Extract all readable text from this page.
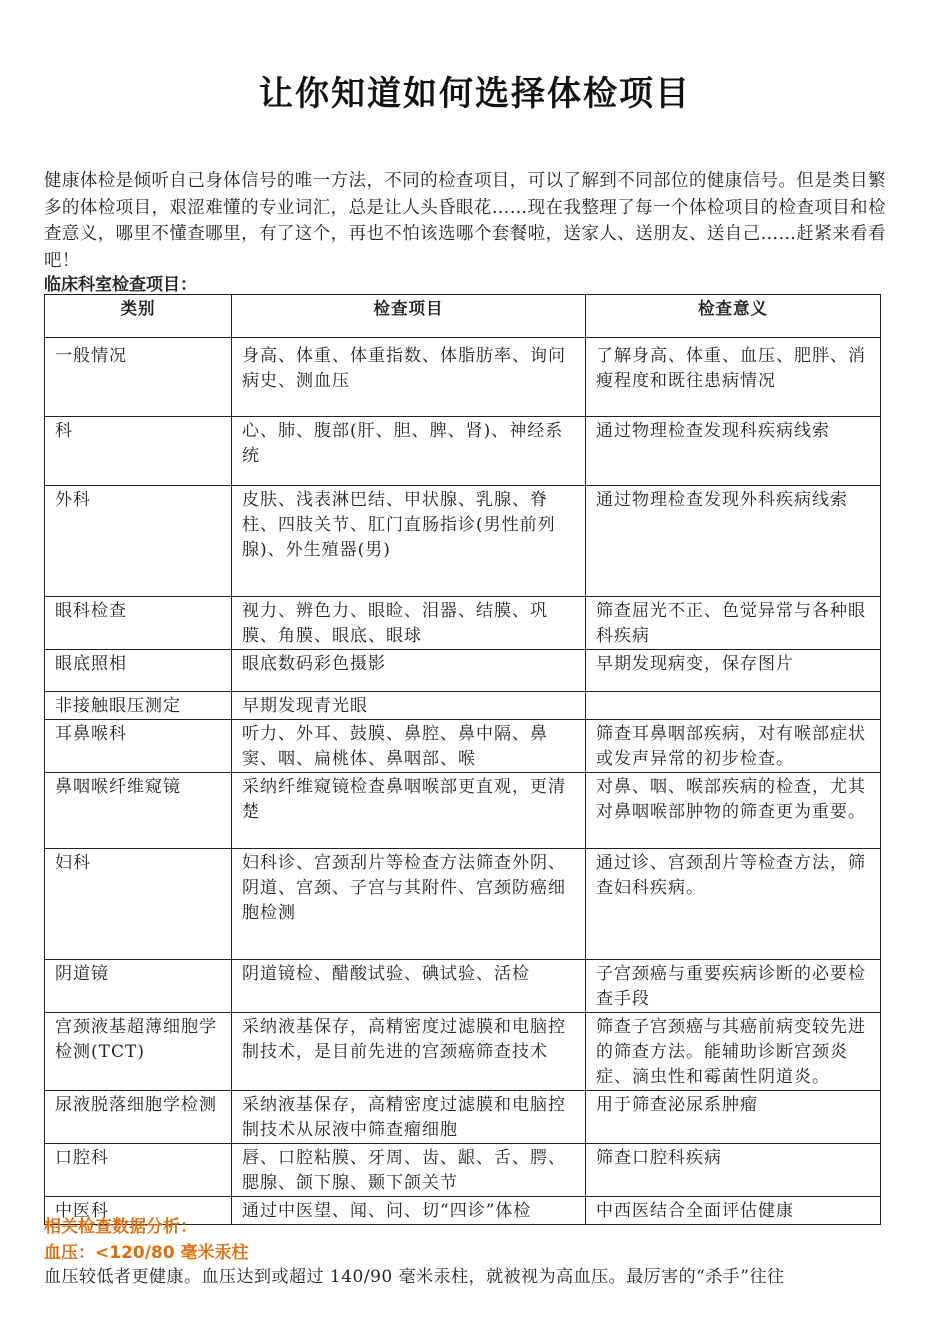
让你知道如何选择体检项目
健康体检是倾听自己身体信号的唯一方法，不同的检查项目，可以了解到不同部位的健康信号。但是类目繁多的体检项目，艰涩难懂的专业词汇，总是让人头昏眼花……现在我整理了每一个体检项目的检查项目和检查意义，哪里不懂查哪里，有了这个，再也不怕该选哪个套餐啦，送家人、送朋友、送自己……赶紧来看看吧！
临床科室检查项目：
类别	检查项目	检查意义
一般情况	身高、体重、体重指数、体脂肪率、询问病史、测血压	了解身高、体重、血压、肥胖、消瘦程度和既往患病情况
科	心、肺、腹部(肝、胆、脾、肾)、神经系统	通过物理检查发现科疾病线索
外科	皮肤、浅表淋巴结、甲状腺、乳腺、脊柱、四肢关节、肛门直肠指诊(男性前列腺)、外生殖器(男)	通过物理检查发现外科疾病线索
眼科检查	视力、辨色力、眼睑、泪器、结膜、巩膜、角膜、眼底、眼球	筛查屈光不正、色觉异常与各种眼科疾病
眼底照相	眼底数码彩色摄影	早期发现病变，保存图片
非接触眼压测定	早期发现青光眼	
耳鼻喉科	听力、外耳、鼓膜、鼻腔、鼻中隔、鼻窦、咽、扁桃体、鼻咽部、喉	筛查耳鼻咽部疾病，对有喉部症状或发声异常的初步检查。
鼻咽喉纤维窥镜	采纳纤维窥镜检查鼻咽喉部更直观，更清楚	对鼻、咽、喉部疾病的检查，尤其对鼻咽喉部肿物的筛查更为重要。
妇科	妇科诊、宫颈刮片等检查方法筛查外阴、阴道、宫颈、子宫与其附件、宫颈防癌细胞检测	通过诊、宫颈刮片等检查方法，筛查妇科疾病。
阴道镜	阴道镜检、醋酸试验、碘试验、活检	子宫颈癌与重要疾病诊断的必要检查手段
宫颈液基超薄细胞学检测(TCT)	采纳液基保存，高精密度过滤膜和电脑控制技术，是目前先进的宫颈癌筛查技术	筛查子宫颈癌与其癌前病变较先进的筛查方法。能辅助诊断宫颈炎症、滴虫性和霉菌性阴道炎。
尿液脱落细胞学检测	采纳液基保存，高精密度过滤膜和电脑控制技术从尿液中筛查瘤细胞	用于筛查泌尿系肿瘤
口腔科	唇、口腔粘膜、牙周、齿、龈、舌、腭、腮腺、颌下腺、颞下颌关节	筛查口腔科疾病
中医科	通过中医望、闻、问、切“四诊”体检	中西医结合全面评估健康
相关检查数据分析：
血压：<120/80 毫米汞柱
血压较低者更健康。血压达到或超过 140/90 毫米汞柱，就被视为高血压。最厉害的“杀手”往往
